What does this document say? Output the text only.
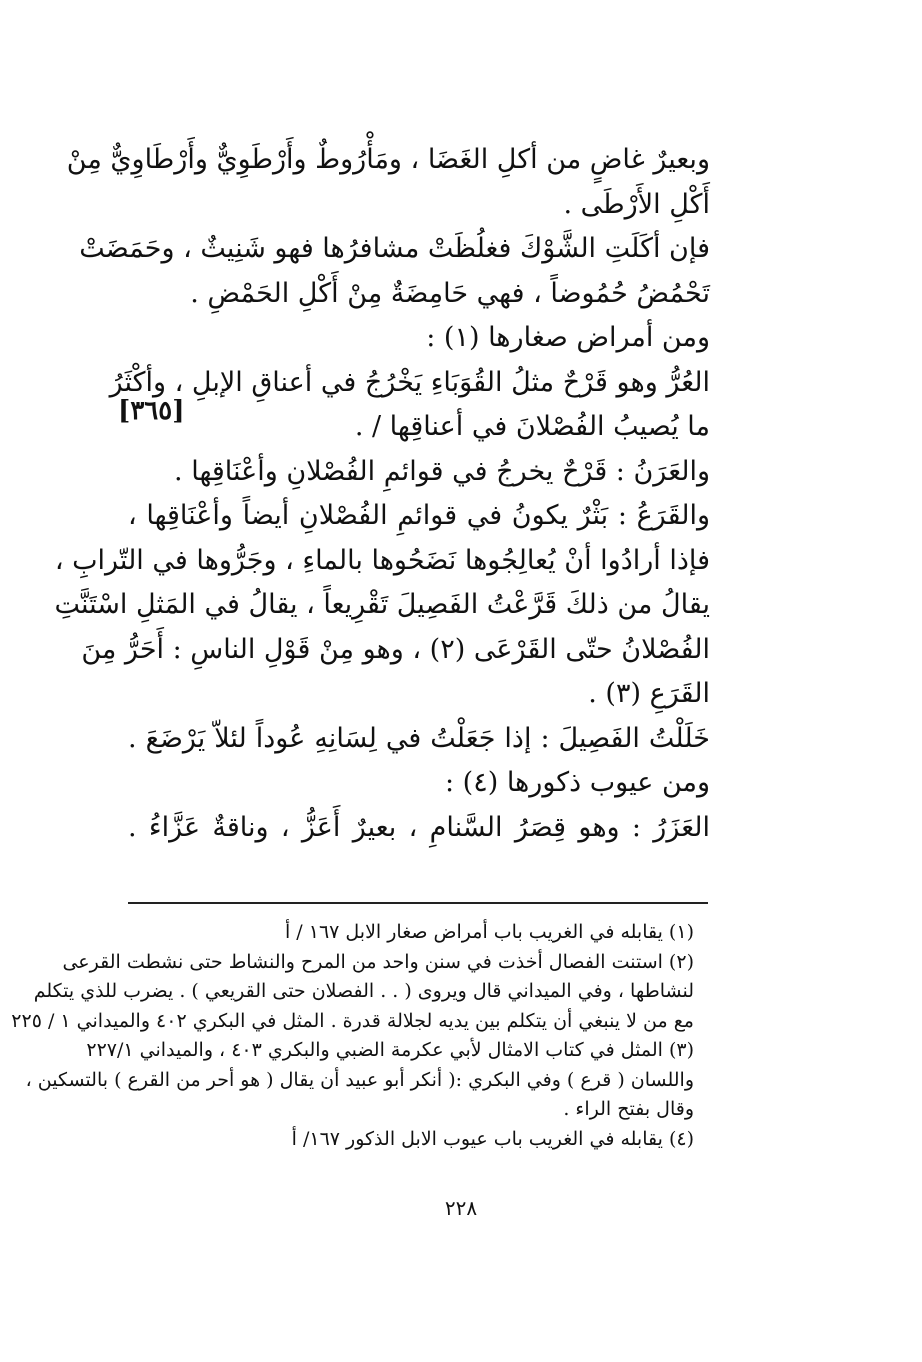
وبعيرٌ غاضٍ من أكلِ الغَضَا ، ومَأْرُوطٌ وأَرْطَوِيٌّ وأَرْطَاوِيٌّ مِنْ
أَكْلِ الأَرْطَى .
فإن أكَلَتِ الشَّوْكَ فغلُظَتْ مشافرُها فهو شَنِيثٌ ، وحَمَضَتْ
تَحْمُضُ حُمُوضاً ، فهي حَامِضَةٌ مِنْ أَكْلِ الحَمْضِ .
ومن أمراض صغارها (١) :
العُرُّ وهو قَرْحٌ مثلُ القُوَبَاءِ يَخْرُجُ في أعناقِ الإبلِ ، وأكْثَرُ
ما يُصيبُ الفُصْلانَ في أعناقِها / .
والعَرَنُ : قَرْحٌ يخرجُ في قوائمِ الفُصْلانِ وأعْنَاقِها .
والقَرَعُ : بَثْرٌ يكونُ في قوائمِ الفُصْلانِ أيضاً وأعْنَاقِها ،
فإذا أرادُوا أنْ يُعالِجُوها نَضَحُوها بالماءِ ، وجَرُّوها في التّرابِ ،
يقالُ من ذلكَ قَرَّعْتُ الفَصِيلَ تَقْرِيعاً ، يقالُ في المَثلِ اسْتَنَّتِ
الفُصْلانُ حتّى القَرْعَى (٢) ، وهو مِنْ قَوْلِ الناسِ : أَحَرُّ مِنَ
القَرَعِ (٣) .
خَلَلْتُ الفَصِيلَ : إذا جَعَلْتُ في لِسَانِهِ عُوداً لئلاّ يَرْضَعَ .
ومن عيوب ذكورها (٤) :
العَزَرُ : وهو قِصَرُ السَّنامِ ، بعيرٌ أَعَزُّ ، وناقةٌ عَزَّاءُ .
[٣٦٥]
(١) يقابله في الغريب باب أمراض صغار الابل ١٦٧ / أ
(٢) استنت الفصال أخذت في سنن واحد من المرح والنشاط حتى نشطت القرعى
لنشاطها ، وفي الميداني قال ويروى ( . . الفصلان حتى القريعي ) . يضرب للذي يتكلم
مع من لا ينبغي أن يتكلم بين يديه لجلالة قدرة . المثل في البكري ٤٠٢ والميداني ١ / ٢٢٥
(٣) المثل في كتاب الامثال لأبي عكرمة الضبي والبكري ٤٠٣ ، والميداني ٢٢٧/١
واللسان ( قرع ) وفي البكري :( أنكر أبو عبيد أن يقال ( هو أحر من القرع ) بالتسكين ،
وقال بفتح الراء .
(٤) يقابله في الغريب باب عيوب الابل الذكور ١٦٧/ أ
٢٢٨
